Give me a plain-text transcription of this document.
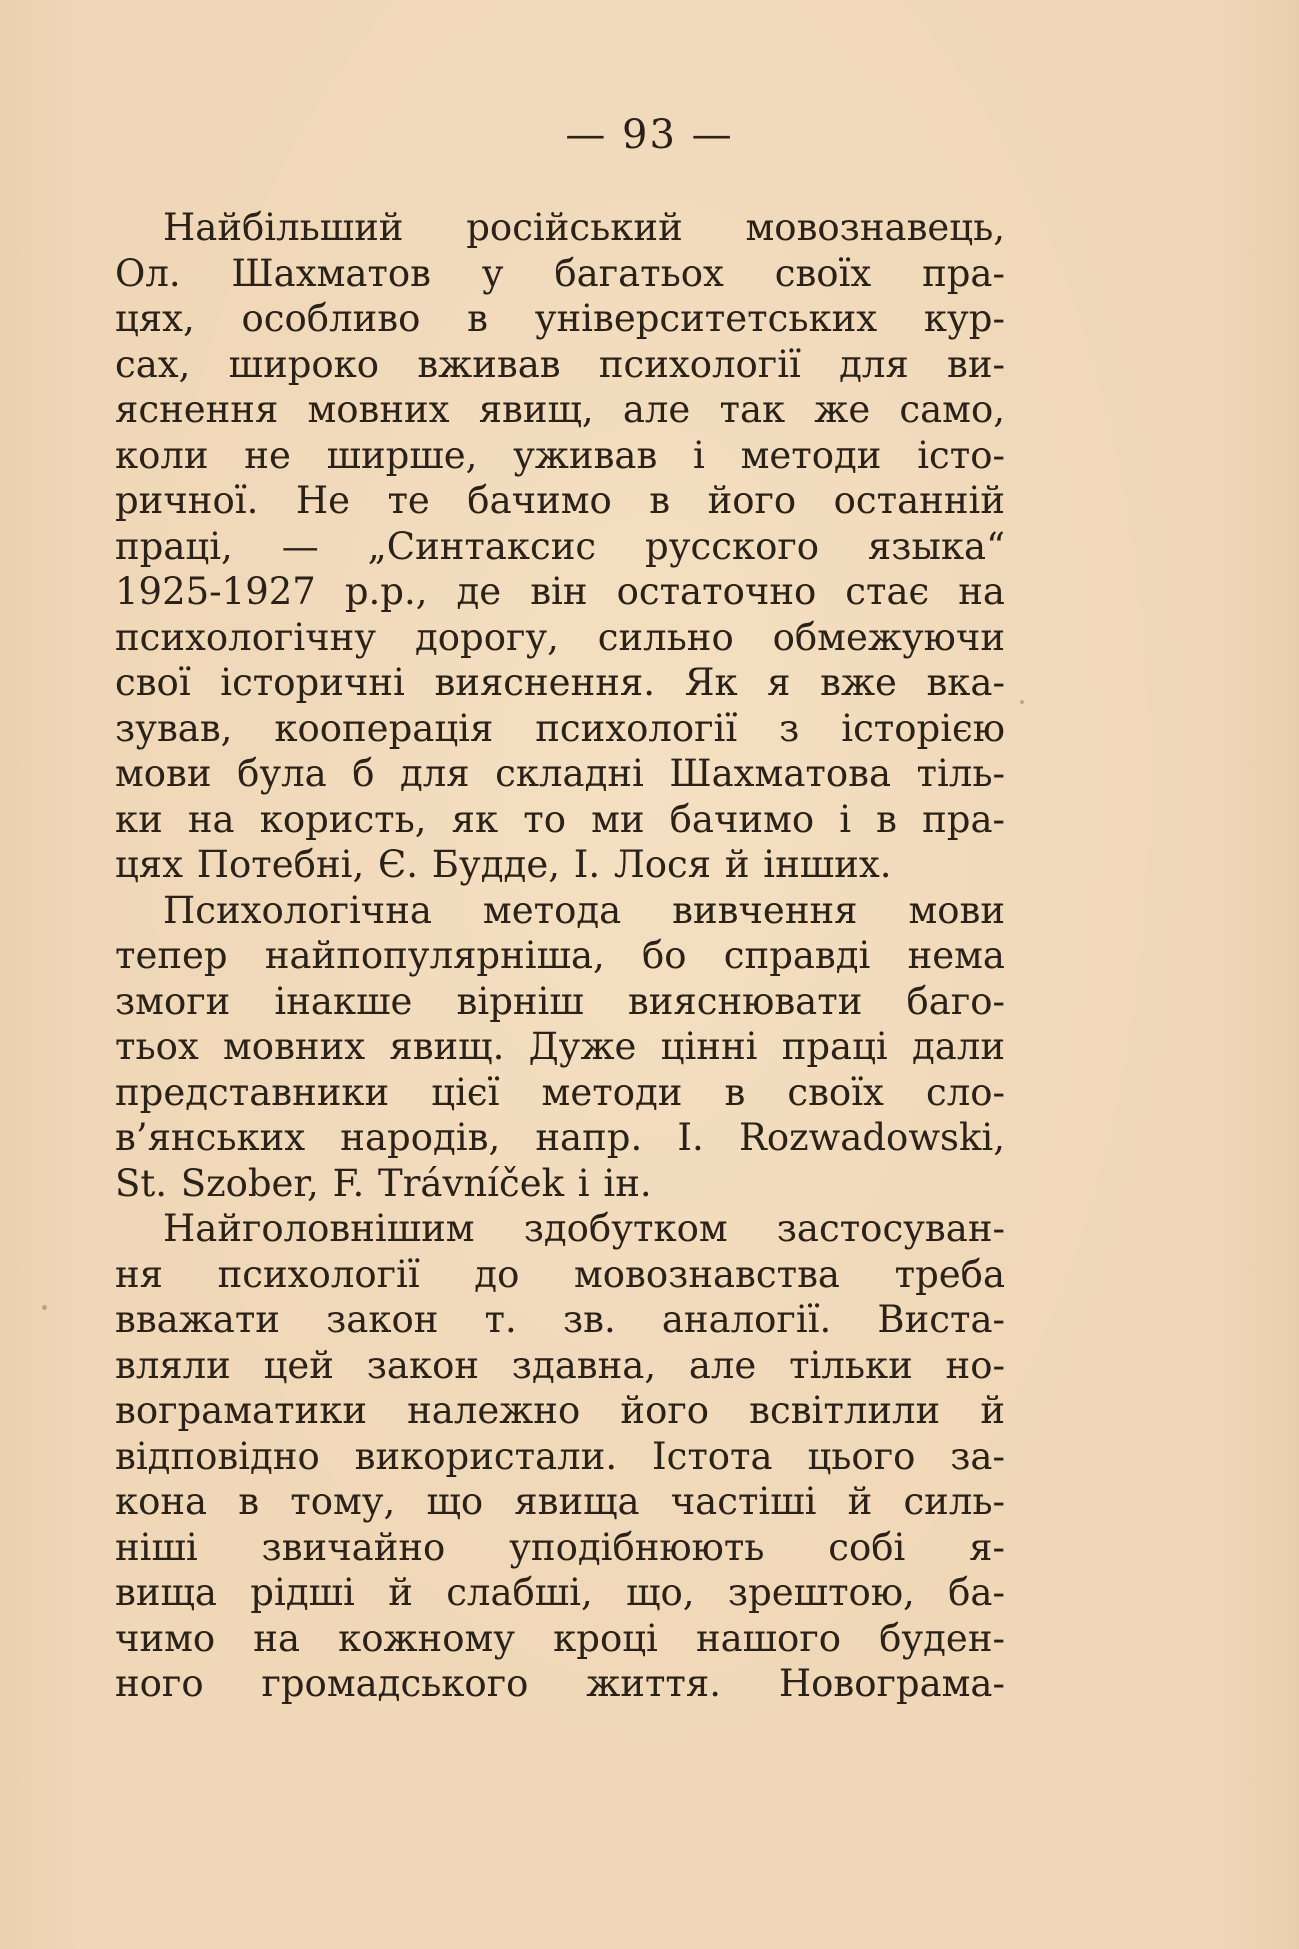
— 93 —
Найбільший російський мовознавець,
Ол. Шахматов у багатьох своїх пра-
цях, особливо в університетських кур-
сах, широко вживав психології для ви-
яснення мовних явищ, але так же само,
коли не ширше, уживав і методи істо-
ричної. Не те бачимо в його останній
праці, — „Синтаксис русского языка“
1925-1927 р.р., де він остаточно стає на
психологічну дорогу, сильно обмежуючи
свої історичні вияснення. Як я вже вка-
зував, кооперація психології з історією
мови була б для складні Шахматова тіль-
ки на користь, як то ми бачимо і в пра-
цях Потебні, Є. Будде, І. Лося й інших.
Психологічна метода вивчення мови
тепер найпопулярніша, бо справді нема
змоги інакше вірніш вияснювати баго-
тьох мовних явищ. Дуже цінні праці дали
представники цієї методи в своїх сло-
в’янських народів, напр. I. Rozwadowski,
St. Szober, F. Trávníček і ін.
Найголовнішим здобутком застосуван-
ня психології до мовознавства треба
вважати закон т. зв. аналогії. Виста-
вляли цей закон здавна, але тільки но-
вограматики належно його всвітлили й
відповідно використали. Істота цього за-
кона в тому, що явища частіші й силь-
ніші звичайно уподібнюють собі я-
вища рідші й слабші, що, зрештою, ба-
чимо на кожному кроці нашого буден-
ного громадського життя. Новограма-
